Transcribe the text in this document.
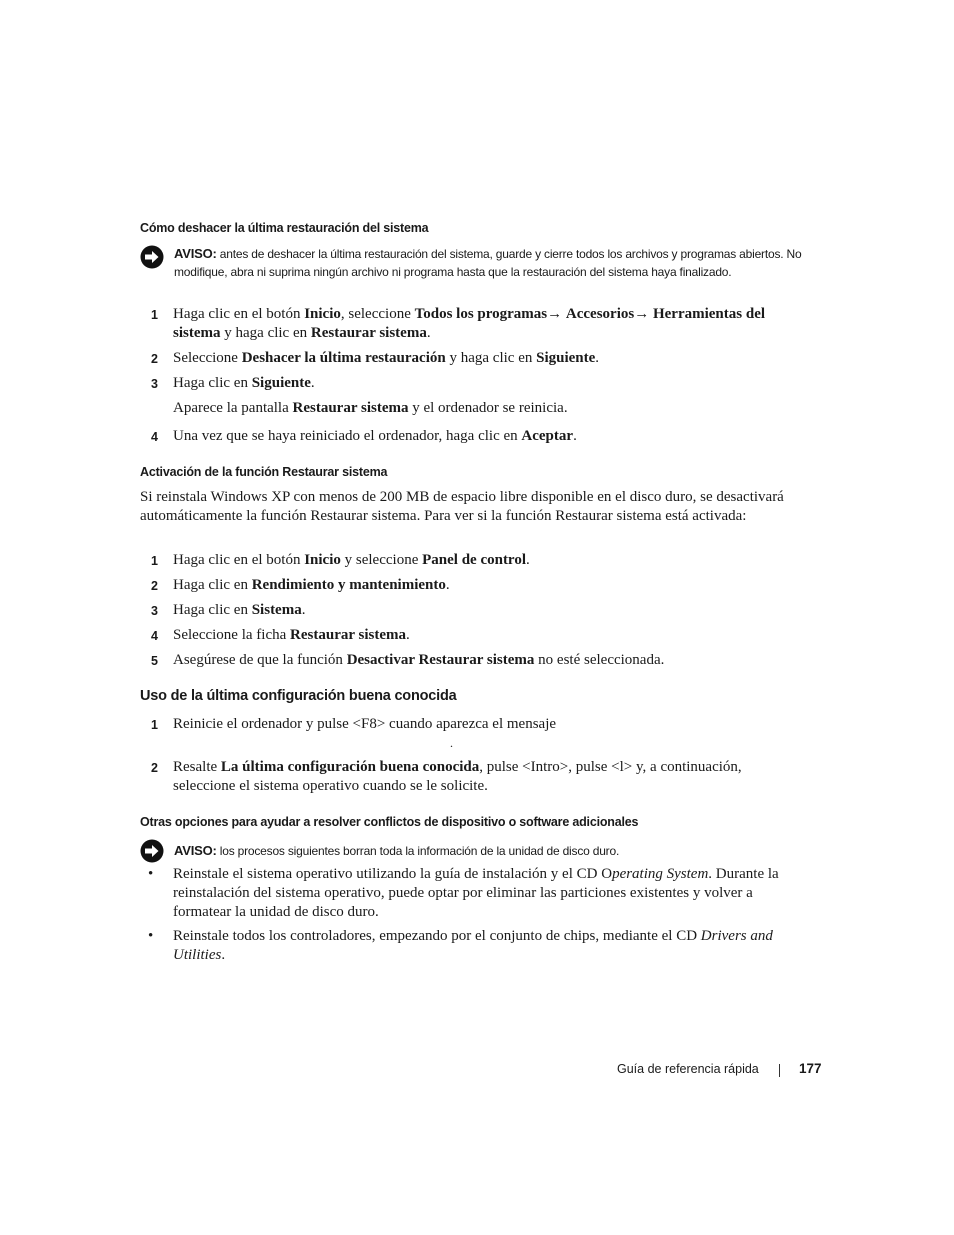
Cómo deshacer la última restauración del sistema
AVISO: antes de deshacer la última restauración del sistema, guarde y cierre todos los archivos y programas abiertos. No modifique, abra ni suprima ningún archivo ni programa hasta que la restauración del sistema haya finalizado.
1 Haga clic en el botón Inicio, seleccione Todos los programas→ Accesorios→ Herramientas del sistema y haga clic en Restaurar sistema.
2 Seleccione Deshacer la última restauración y haga clic en Siguiente.
3 Haga clic en Siguiente.
Aparece la pantalla Restaurar sistema y el ordenador se reinicia.
4 Una vez que se haya reiniciado el ordenador, haga clic en Aceptar.
Activación de la función Restaurar sistema
Si reinstala Windows XP con menos de 200 MB de espacio libre disponible en el disco duro, se desactivará automáticamente la función Restaurar sistema. Para ver si la función Restaurar sistema está activada:
1 Haga clic en el botón Inicio y seleccione Panel de control.
2 Haga clic en Rendimiento y mantenimiento.
3 Haga clic en Sistema.
4 Seleccione la ficha Restaurar sistema.
5 Asegúrese de que la función Desactivar Restaurar sistema no esté seleccionada.
Uso de la última configuración buena conocida
1 Reinicie el ordenador y pulse <F8> cuando aparezca el mensaje
.
2 Resalte La última configuración buena conocida, pulse <Intro>, pulse <l> y, a continuación, seleccione el sistema operativo cuando se le solicite.
Otras opciones para ayudar a resolver conflictos de dispositivo o software adicionales
AVISO: los procesos siguientes borran toda la información de la unidad de disco duro.
• Reinstale el sistema operativo utilizando la guía de instalación y el CD Operating System. Durante la reinstalación del sistema operativo, puede optar por eliminar las particiones existentes y volver a formatear la unidad de disco duro.
• Reinstale todos los controladores, empezando por el conjunto de chips, mediante el CD Drivers and Utilities.
Guía de referencia rápida	177
